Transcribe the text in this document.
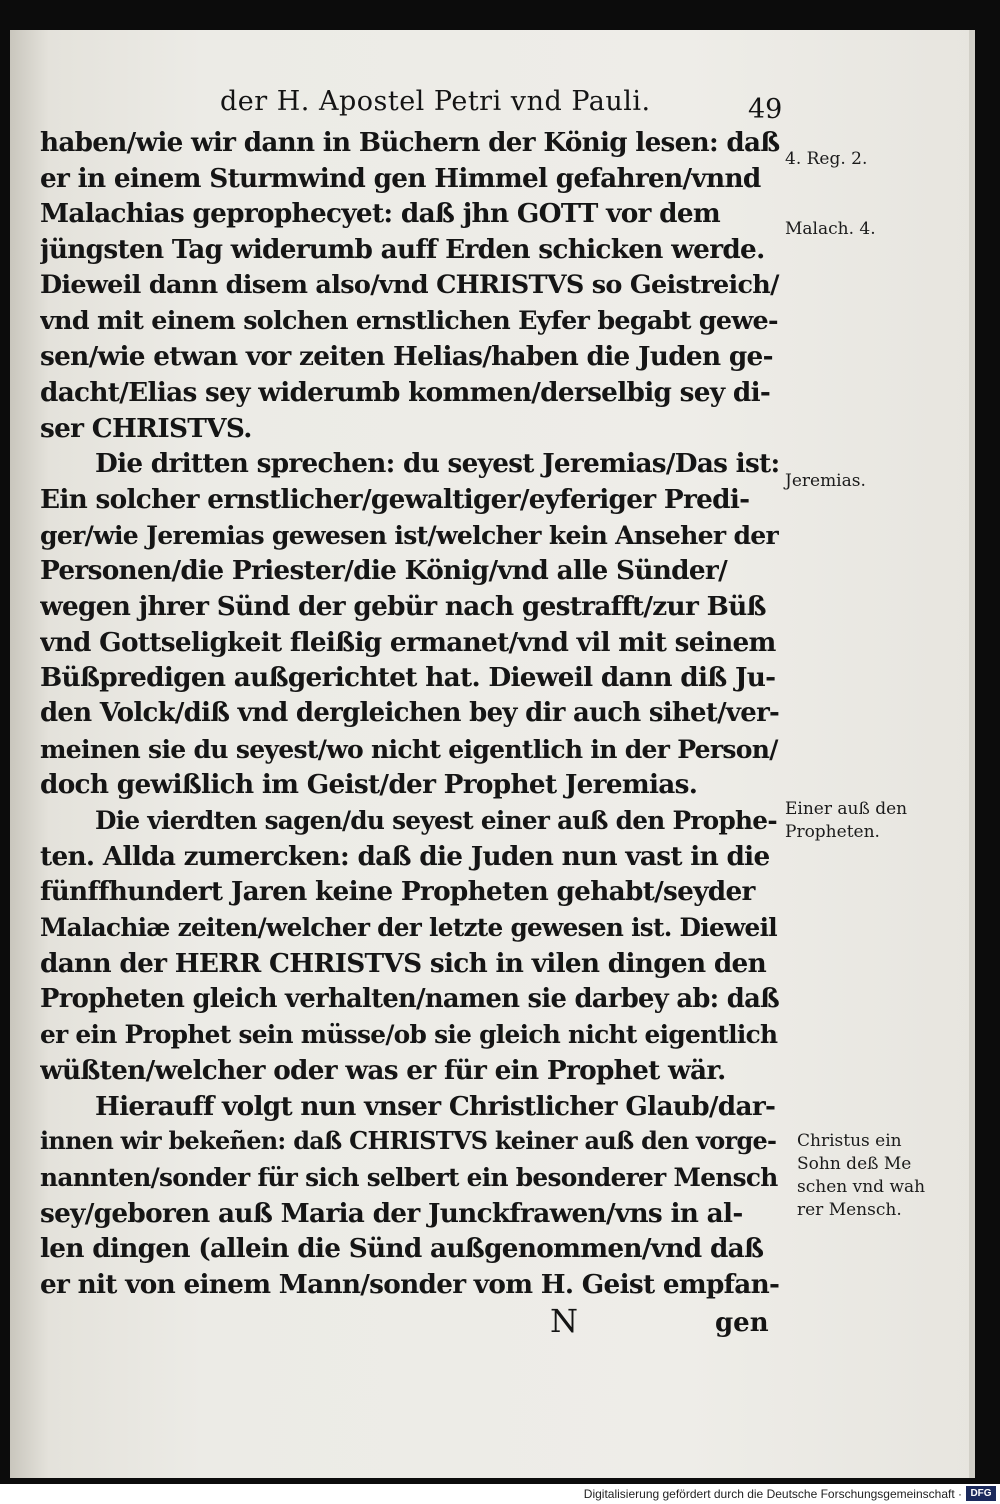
der H. Apostel Petri vnd Pauli.	49
haben/wie wir dann in Büchern der König lesen: daß
er in einem Sturmwind gen Himmel gefahren/vnnd
Malachias geprophecyet: daß jhn GOTT vor dem
jüngsten Tag widerumb auff Erden schicken werde.
Dieweil dann disem also/vnd CHRISTVS so Geistreich/
vnd mit einem solchen ernstlichen Eyfer begabt gewe-
sen/wie etwan vor zeiten Helias/haben die Juden ge-
dacht/Elias sey widerumb kommen/derselbig sey di-
ser CHRISTVS.
Die dritten sprechen: du seyest Jeremias/Das ist:
Ein solcher ernstlicher/gewaltiger/eyferiger Predi-
ger/wie Jeremias gewesen ist/welcher kein Anseher der
Personen/die Priester/die König/vnd alle Sünder/
wegen jhrer Sünd der gebür nach gestrafft/zur Büß
vnd Gottseligkeit fleißig ermanet/vnd vil mit seinem
Büßpredigen außgerichtet hat. Dieweil dann diß Ju-
den Volck/diß vnd dergleichen bey dir auch sihet/ver-
meinen sie du seyest/wo nicht eigentlich in der Person/
doch gewißlich im Geist/der Prophet Jeremias.
Die vierdten sagen/du seyest einer auß den Prophe-
ten. Allda zumercken: daß die Juden nun vast in die
fünffhundert Jaren keine Propheten gehabt/seyder
Malachiæ zeiten/welcher der letzte gewesen ist. Dieweil
dann der HERR CHRISTVS sich in vilen dingen den
Propheten gleich verhalten/namen sie darbey ab: daß
er ein Prophet sein müsse/ob sie gleich nicht eigentlich
wüßten/welcher oder was er für ein Prophet wär.
Hierauff volgt nun vnser Christlicher Glaub/dar-
innen wir bekeñen: daß CHRISTVS keiner auß den vorge-
nannten/sonder für sich selbert ein besonderer Mensch
sey/geboren auß Maria der Junckfrawen/vns in al-
len dingen (allein die Sünd außgenommen/vnd daß
er nit von einem Mann/sonder vom H. Geist empfan-
4. Reg. 2.
Malach. 4.
Jeremias.
Einer auß den
Propheten.
Christus ein
Sohn deß Me
schen vnd wah
rer Mensch.
N	gen
Digitalisierung gefördert durch die Deutsche Forschungsgemeinschaft · DFG
